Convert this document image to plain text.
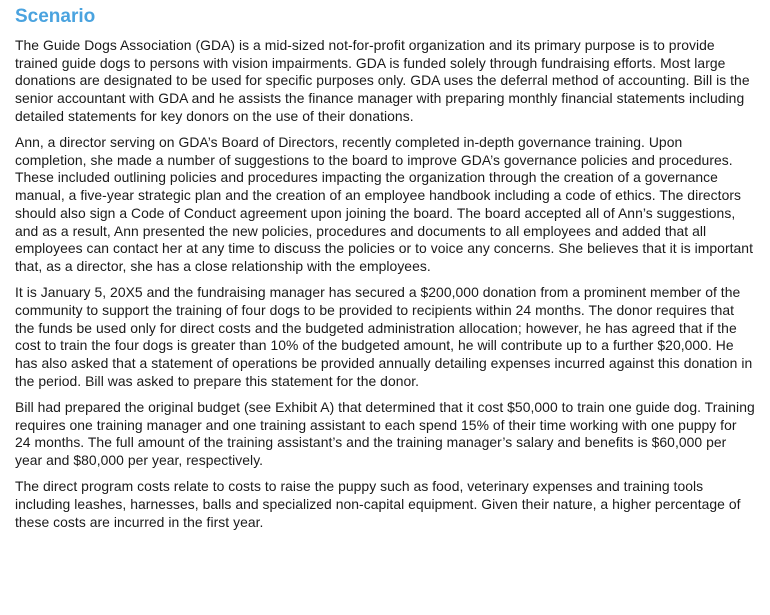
Scenario

The Guide Dogs Association (GDA) is a mid-sized not-for-profit organization and its primary purpose is to provide trained guide dogs to persons with vision impairments. GDA is funded solely through fundraising efforts. Most large donations are designated to be used for specific purposes only. GDA uses the deferral method of accounting. Bill is the senior accountant with GDA and he assists the finance manager with preparing monthly financial statements including detailed statements for key donors on the use of their donations.

Ann, a director serving on GDA’s Board of Directors, recently completed in-depth governance training. Upon completion, she made a number of suggestions to the board to improve GDA’s governance policies and procedures. These included outlining policies and procedures impacting the organization through the creation of a governance manual, a five-year strategic plan and the creation of an employee handbook including a code of ethics. The directors should also sign a Code of Conduct agreement upon joining the board. The board accepted all of Ann’s suggestions, and as a result, Ann presented the new policies, procedures and documents to all employees and added that all employees can contact her at any time to discuss the policies or to voice any concerns. She believes that it is important that, as a director, she has a close relationship with the employees.

It is January 5, 20X5 and the fundraising manager has secured a $200,000 donation from a prominent member of the community to support the training of four dogs to be provided to recipients within 24 months. The donor requires that the funds be used only for direct costs and the budgeted administration allocation; however, he has agreed that if the cost to train the four dogs is greater than 10% of the budgeted amount, he will contribute up to a further $20,000. He has also asked that a statement of operations be provided annually detailing expenses incurred against this donation in the period. Bill was asked to prepare this statement for the donor.

Bill had prepared the original budget (see Exhibit A) that determined that it cost $50,000 to train one guide dog. Training requires one training manager and one training assistant to each spend 15% of their time working with one puppy for 24 months. The full amount of the training assistant’s and the training manager’s salary and benefits is $60,000 per year and $80,000 per year, respectively.

The direct program costs relate to costs to raise the puppy such as food, veterinary expenses and training tools including leashes, harnesses, balls and specialized non-capital equipment. Given their nature, a higher percentage of these costs are incurred in the first year.
